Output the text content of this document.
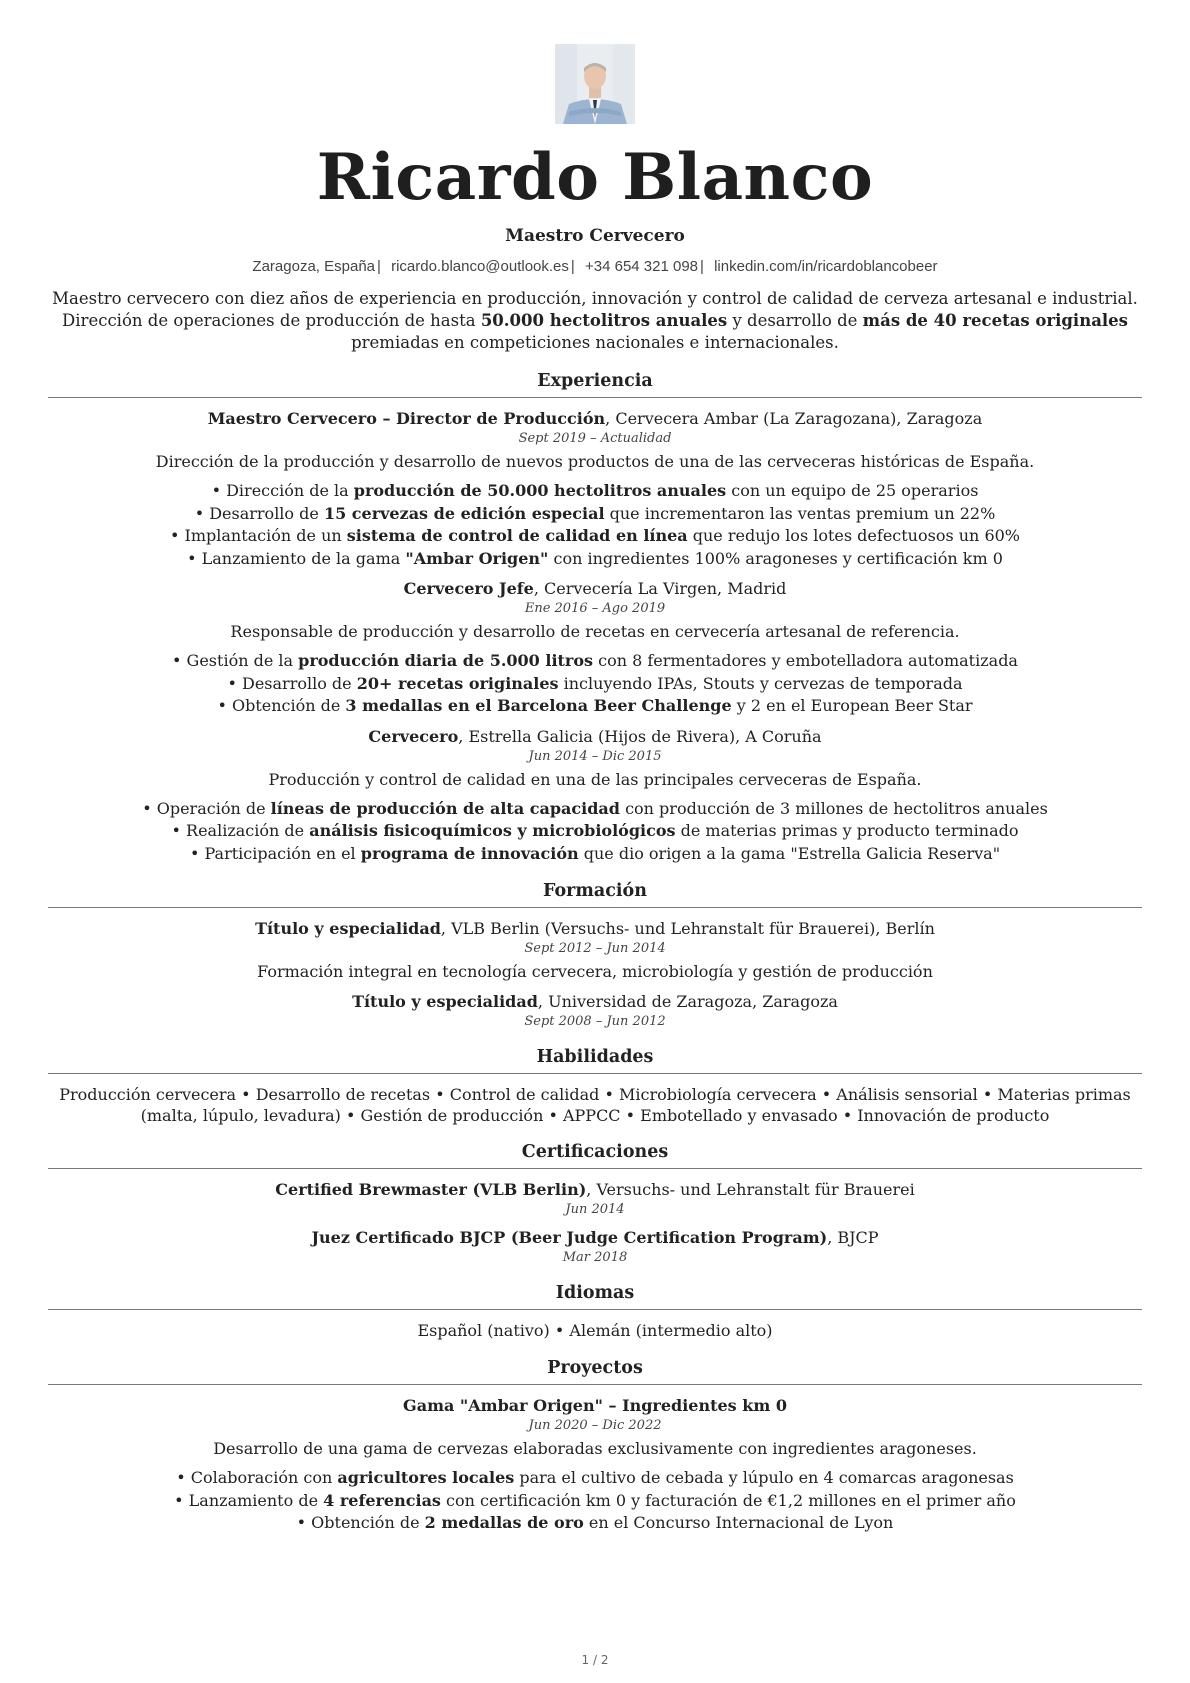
Ricardo Blanco
Maestro Cervecero
Zaragoza, España | ricardo.blanco@outlook.es | +34 654 321 098 | linkedin.com/in/ricardoblancobeer
Maestro cervecero con diez años de experiencia en producción, innovación y control de calidad de cerveza artesanal e industrial. Dirección de operaciones de producción de hasta 50.000 hectolitros anuales y desarrollo de más de 40 recetas originales premiadas en competiciones nacionales e internacionales.
Experiencia
Maestro Cervecero – Director de Producción, Cervecera Ambar (La Zaragozana), Zaragoza
Sept 2019 – Actualidad
Dirección de la producción y desarrollo de nuevos productos de una de las cerveceras históricas de España.
• Dirección de la producción de 50.000 hectolitros anuales con un equipo de 25 operarios
• Desarrollo de 15 cervezas de edición especial que incrementaron las ventas premium un 22%
• Implantación de un sistema de control de calidad en línea que redujo los lotes defectuosos un 60%
• Lanzamiento de la gama "Ambar Origen" con ingredientes 100% aragoneses y certificación km 0
Cervecero Jefe, Cervecería La Virgen, Madrid
Ene 2016 – Ago 2019
Responsable de producción y desarrollo de recetas en cervecería artesanal de referencia.
• Gestión de la producción diaria de 5.000 litros con 8 fermentadores y embotelladora automatizada
• Desarrollo de 20+ recetas originales incluyendo IPAs, Stouts y cervezas de temporada
• Obtención de 3 medallas en el Barcelona Beer Challenge y 2 en el European Beer Star
Cervecero, Estrella Galicia (Hijos de Rivera), A Coruña
Jun 2014 – Dic 2015
Producción y control de calidad en una de las principales cerveceras de España.
• Operación de líneas de producción de alta capacidad con producción de 3 millones de hectolitros anuales
• Realización de análisis fisicoquímicos y microbiológicos de materias primas y producto terminado
• Participación en el programa de innovación que dio origen a la gama "Estrella Galicia Reserva"
Formación
Título y especialidad, VLB Berlin (Versuchs- und Lehranstalt für Brauerei), Berlín
Sept 2012 – Jun 2014
Formación integral en tecnología cervecera, microbiología y gestión de producción
Título y especialidad, Universidad de Zaragoza, Zaragoza
Sept 2008 – Jun 2012
Habilidades
Producción cervecera • Desarrollo de recetas • Control de calidad • Microbiología cervecera • Análisis sensorial • Materias primas (malta, lúpulo, levadura) • Gestión de producción • APPCC • Embotellado y envasado • Innovación de producto
Certificaciones
Certified Brewmaster (VLB Berlin), Versuchs- und Lehranstalt für Brauerei
Jun 2014
Juez Certificado BJCP (Beer Judge Certification Program), BJCP
Mar 2018
Idiomas
Español (nativo) • Alemán (intermedio alto)
Proyectos
Gama "Ambar Origen" – Ingredientes km 0
Jun 2020 – Dic 2022
Desarrollo de una gama de cervezas elaboradas exclusivamente con ingredientes aragoneses.
• Colaboración con agricultores locales para el cultivo de cebada y lúpulo en 4 comarcas aragonesas
• Lanzamiento de 4 referencias con certificación km 0 y facturación de €1,2 millones en el primer año
• Obtención de 2 medallas de oro en el Concurso Internacional de Lyon
1 / 2
